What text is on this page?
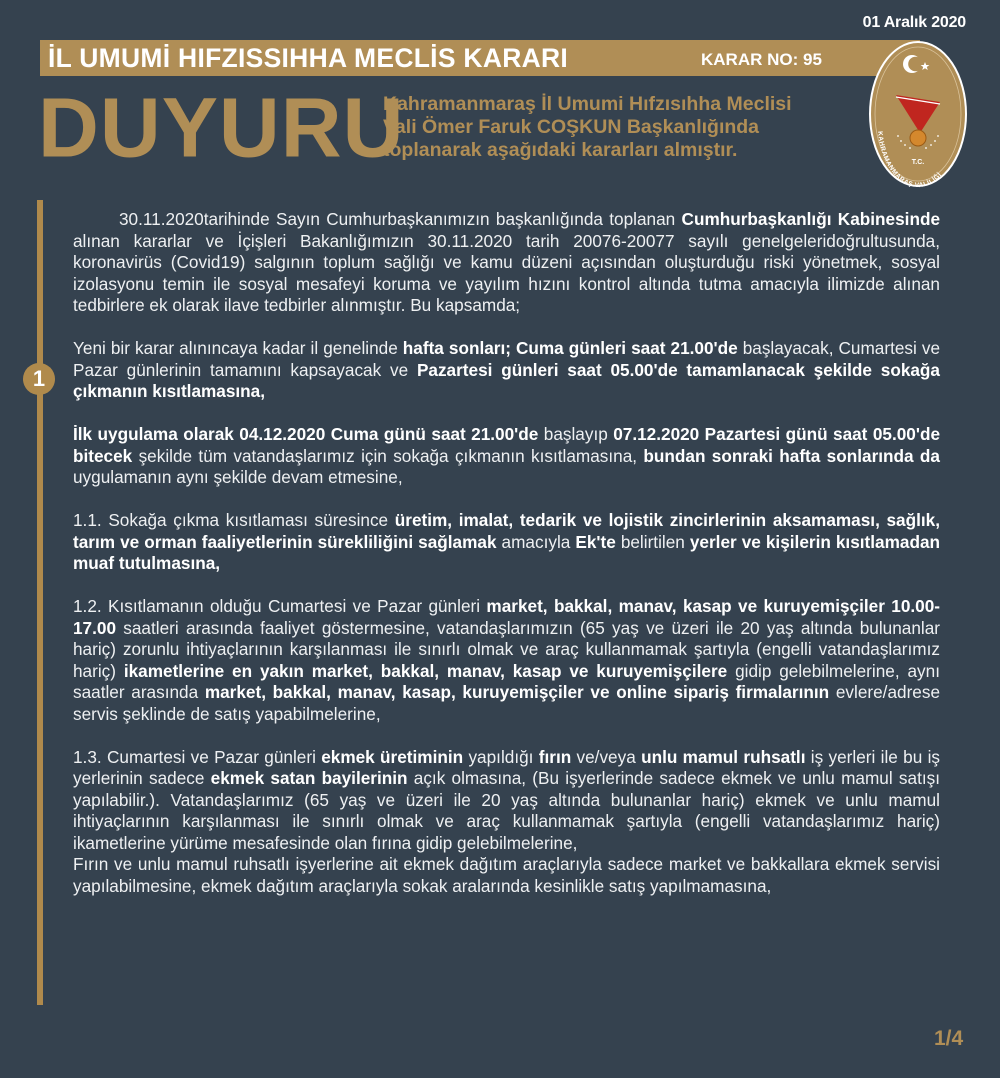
01 Aralık 2020
İL UMUMİ HIFZISSIHHA MECLİS KARARI	KARAR NO: 95
T.C.
KAHRAMANMARAŞ VALİLİĞİ
DUYURU
Kahramanmaraş İl Umumi Hıfzısıhha Meclisi
Vali Ömer Faruk COŞKUN Başkanlığında
toplanarak aşağıdaki kararları almıştır.
1

30.11.2020tarihinde Sayın Cumhurbaşkanımızın başkanlığında toplanan Cumhurbaşkanlığı Kabinesinde alınan kararlar ve İçişleri Bakanlığımızın 30.11.2020 tarih 20076-20077 sayılı genelgeleridoğrultusunda, koronavirüs (Covid19) salgının toplum sağlığı ve kamu düzeni açısından oluşturduğu riski yönetmek, sosyal izolasyonu temin ile sosyal mesafeyi koruma ve yayılım hızını kontrol altında tutma amacıyla ilimizde alınan tedbirlere ek olarak ilave tedbirler alınmıştır. Bu kapsamda;

Yeni bir karar alınıncaya kadar il genelinde hafta sonları; Cuma günleri saat 21.00'de başlayacak, Cumartesi ve Pazar günlerinin tamamını kapsayacak ve Pazartesi günleri saat 05.00'de tamamlanacak şekilde sokağa çıkmanın kısıtlamasına,

İlk uygulama olarak 04.12.2020 Cuma günü saat 21.00'de başlayıp 07.12.2020 Pazartesi günü saat 05.00'de bitecek şekilde tüm vatandaşlarımız için sokağa çıkmanın kısıtlamasına, bundan sonraki hafta sonlarında da uygulamanın aynı şekilde devam etmesine,

1.1. Sokağa çıkma kısıtlaması süresince üretim, imalat, tedarik ve lojistik zincirlerinin aksamaması, sağlık, tarım ve orman faaliyetlerinin sürekliliğini sağlamak amacıyla Ek'te belirtilen yerler ve kişilerin kısıtlamadan muaf tutulmasına,

1.2. Kısıtlamanın olduğu Cumartesi ve Pazar günleri market, bakkal, manav, kasap ve kuruyemişçiler 10.00-17.00 saatleri arasında faaliyet göstermesine, vatandaşlarımızın (65 yaş ve üzeri ile 20 yaş altında bulunanlar hariç) zorunlu ihtiyaçlarının karşılanması ile sınırlı olmak ve araç kullanmamak şartıyla (engelli vatandaşlarımız hariç) ikametlerine en yakın market, bakkal, manav, kasap ve kuruyemişçilere gidip gelebilmelerine, aynı saatler arasında market, bakkal, manav, kasap, kuruyemişçiler ve online sipariş firmalarının evlere/adrese servis şeklinde de satış yapabilmelerine,

1.3. Cumartesi ve Pazar günleri ekmek üretiminin yapıldığı fırın ve/veya unlu mamul ruhsatlı iş yerleri ile bu iş yerlerinin sadece ekmek satan bayilerinin açık olmasına, (Bu işyerlerinde sadece ekmek ve unlu mamul satışı yapılabilir.). Vatandaşlarımız (65 yaş ve üzeri ile 20 yaş altında bulunanlar hariç) ekmek ve unlu mamul ihtiyaçlarının karşılanması ile sınırlı olmak ve araç kullanmamak şartıyla (engelli vatandaşlarımız hariç) ikametlerine yürüme mesafesinde olan fırına gidip gelebilmelerine,

Fırın ve unlu mamul ruhsatlı işyerlerine ait ekmek dağıtım araçlarıyla sadece market ve bakkallara ekmek servisi yapılabilmesine, ekmek dağıtım araçlarıyla sokak aralarında kesinlikle satış yapılmamasına,

1/4
